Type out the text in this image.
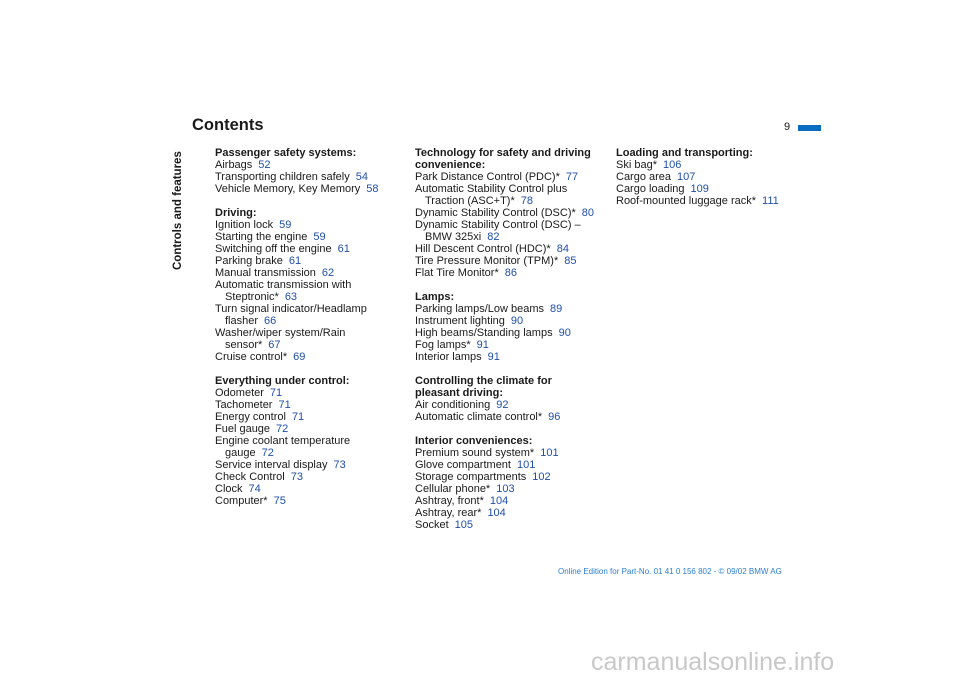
Contents	9
Controls and features	Passenger safety systems:
Airbags 52
Transporting children safely 54
Vehicle Memory, Key Memory 58
Driving:
Ignition lock 59
Starting the engine 59
Switching off the engine 61
Parking brake 61
Manual transmission 62
Automatic transmission with Steptronic* 63
Turn signal indicator/Headlamp flasher 66
Washer/wiper system/Rain sensor* 67
Cruise control* 69
Everything under control:
Odometer 71
Tachometer 71
Energy control 71
Fuel gauge 72
Engine coolant temperature gauge 72
Service interval display 73
Check Control 73
Clock 74
Computer* 75
Technology for safety and driving convenience:
Park Distance Control (PDC)* 77
Automatic Stability Control plus Traction (ASC+T)* 78
Dynamic Stability Control (DSC)* 80
Dynamic Stability Control (DSC) – BMW 325xi 82
Hill Descent Control (HDC)* 84
Tire Pressure Monitor (TPM)* 85
Flat Tire Monitor* 86
Lamps:
Parking lamps/Low beams 89
Instrument lighting 90
High beams/Standing lamps 90
Fog lamps* 91
Interior lamps 91
Controlling the climate for pleasant driving:
Air conditioning 92
Automatic climate control* 96
Interior conveniences:
Premium sound system* 101
Glove compartment 101
Storage compartments 102
Cellular phone* 103
Ashtray, front* 104
Ashtray, rear* 104
Socket 105
Loading and transporting:
Ski bag* 106
Cargo area 107
Cargo loading 109
Roof-mounted luggage rack* 111
Online Edition for Part-No. 01 41 0 156 802 - © 09/02 BMW AG
carmanualsonline.info
